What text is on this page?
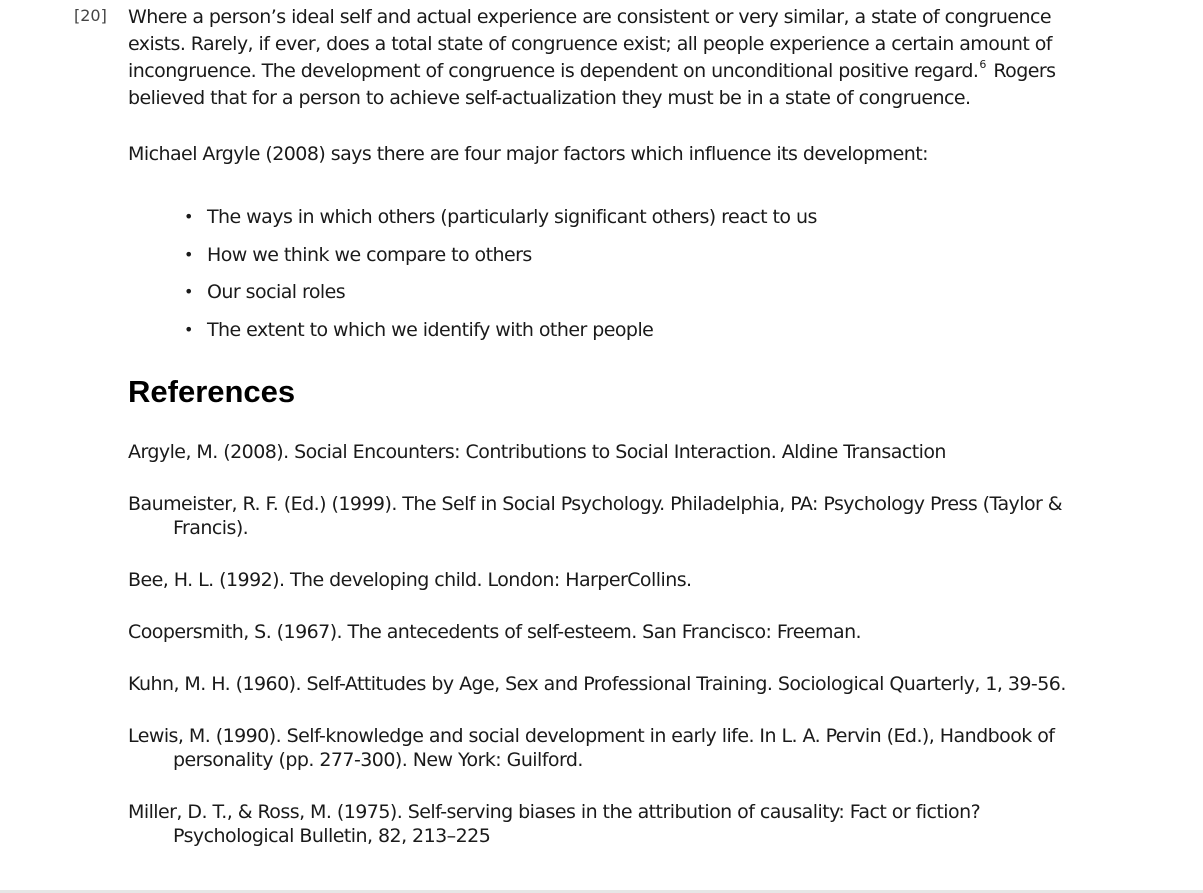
[20] Where a person’s ideal self and actual experience are consistent or very similar, a state of congruence exists. Rarely, if ever, does a total state of congruence exist; all people experience a certain amount of incongruence. The development of congruence is dependent on unconditional positive regard.$^6$ Rogers believed that for a person to achieve self-actualization they must be in a state of congruence.

Michael Argyle (2008) says there are four major factors which influence its development:

• The ways in which others (particularly significant others) react to us
• How we think we compare to others
• Our social roles
• The extent to which we identify with other people
References
Argyle, M. (2008). Social Encounters: Contributions to Social Interaction. Aldine Transaction
Baumeister, R. F. (Ed.) (1999). The Self in Social Psychology. Philadelphia, PA: Psychology Press (Taylor & Francis).
Bee, H. L. (1992). The developing child. London: HarperCollins.
Coopersmith, S. (1967). The antecedents of self-esteem. San Francisco: Freeman.
Kuhn, M. H. (1960). Self-Attitudes by Age, Sex and Professional Training. Sociological Quarterly, 1, 39-56.
Lewis, M. (1990). Self-knowledge and social development in early life. In L. A. Pervin (Ed.), Handbook of personality (pp. 277-300). New York: Guilford.
Miller, D. T., & Ross, M. (1975). Self-serving biases in the attribution of causality: Fact or fiction? Psychological Bulletin, 82, 213–225
